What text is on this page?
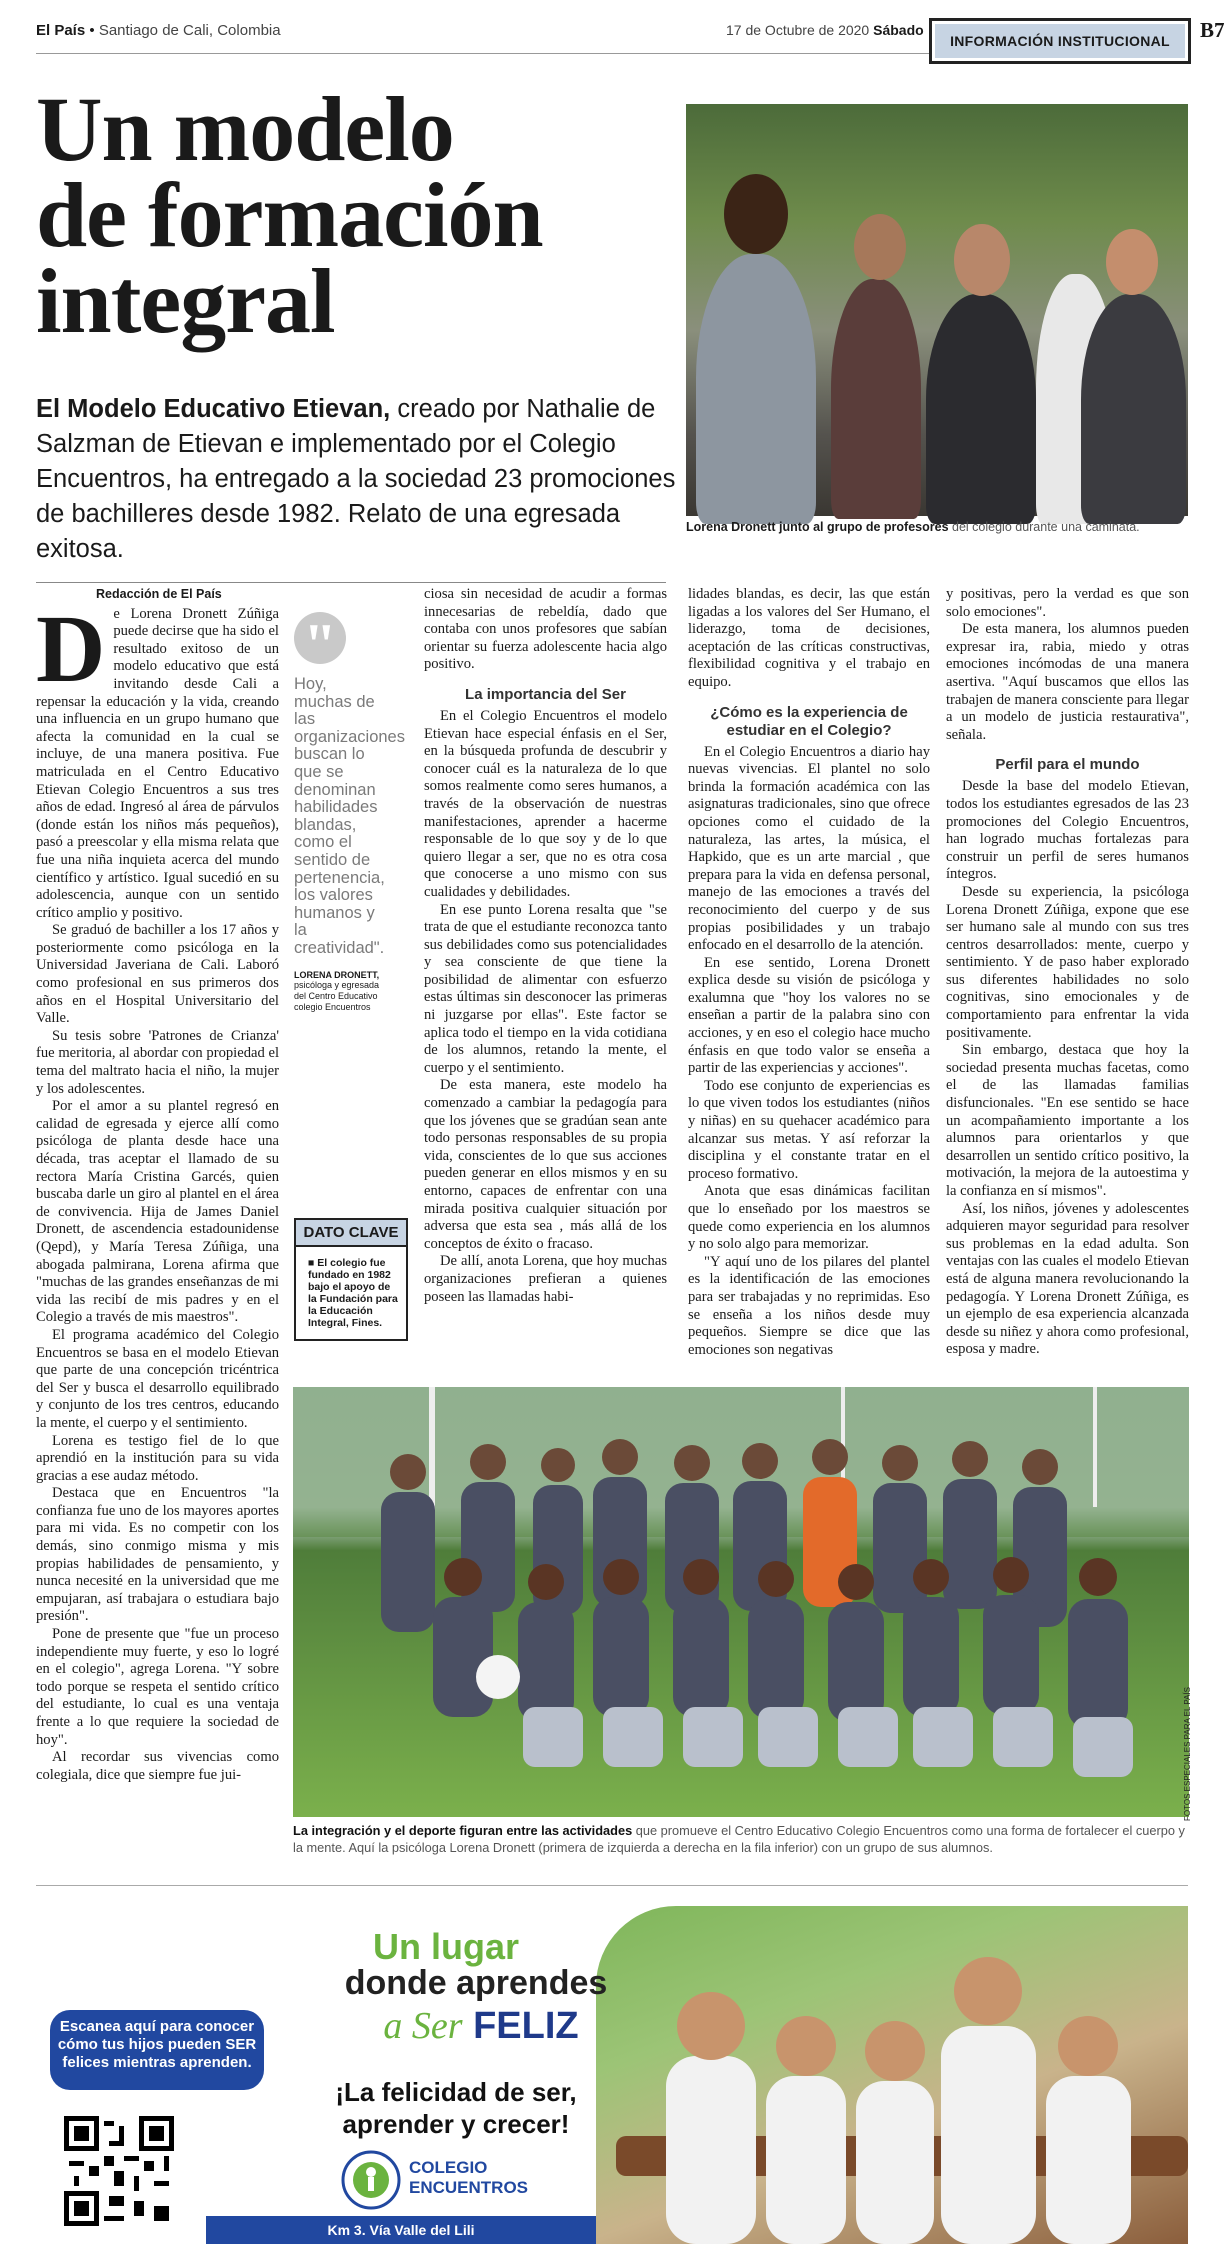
El País • Santiago de Cali, Colombia	17 de Octubre de 2020 Sábado
INFORMACIÓN INSTITUCIONAL	B7
Un modelo
de formación
integral
El Modelo Educativo Etievan, creado por Nathalie de Salzman de Etievan e implementado por el Colegio Encuentros, ha entregado a la sociedad 23 promociones de bachilleres desde 1982. Relato de una egresada exitosa.
Lorena Dronett junto al grupo de profesores del colegio durante una caminata.
Redacción de El País
D e Lorena Dronett Zúñiga puede decirse que ha sido el resultado exitoso de un modelo educativo que está invitando desde Cali a repensar la educación y la vida, creando una influencia en un grupo humano que afecta la comunidad en la cual se incluye, de una manera positiva. Fue matriculada en el Centro Educativo Etievan Colegio Encuentros a sus tres años de edad. Ingresó al área de párvulos (donde están los niños más pequeños), pasó a preescolar y ella misma relata que fue una niña inquieta acerca del mundo científico y artístico. Igual sucedió en su adolescencia, aunque con un sentido crítico amplio y positivo.

Se graduó de bachiller a los 17 años y posteriormente como psicóloga en la Universidad Javeriana de Cali. Laboró como profesional en sus primeros dos años en el Hospital Universitario del Valle.

Su tesis sobre 'Patrones de Crianza' fue meritoria, al abordar con propiedad el tema del maltrato hacia el niño, la mujer y los adolescentes.

Por el amor a su plantel regresó en calidad de egresada y ejerce allí como psicóloga de planta desde hace una década, tras aceptar el llamado de su rectora María Cristina Garcés, quien buscaba darle un giro al plantel en el área de convivencia. Hija de James Daniel Dronett, de ascendencia estadounidense (Qepd), y María Teresa Zúñiga, una abogada palmirana, Lorena afirma que "muchas de las grandes enseñanzas de mi vida las recibí de mis padres y en el Colegio a través de mis maestros".

El programa académico del Colegio Encuentros se basa en el modelo Etievan que parte de una concepción tricéntrica del Ser y busca el desarrollo equilibrado y conjunto de los tres centros, educando la mente, el cuerpo y el sentimiento.

Lorena es testigo fiel de lo que aprendió en la institución para su vida gracias a ese audaz método.

Destaca que en Encuentros "la confianza fue uno de los mayores aportes para mi vida. Es no competir con los demás, sino conmigo misma y mis propias habilidades de pensamiento, y nunca necesité en la universidad que me empujaran, así trabajara o estudiara bajo presión".

Pone de presente que "fue un proceso independiente muy fuerte, y eso lo logré en el colegio", agrega Lorena. "Y sobre todo porque se respeta el sentido crítico del estudiante, lo cual es una ventaja frente a lo que requiere la sociedad de hoy".

Al recordar sus vivencias como colegiala, dice que siempre fue jui-

"
Hoy, muchas de las organizaciones buscan lo que se denominan habilidades blandas, como el sentido de pertenencia, los valores humanos y la creatividad".
LORENA DRONETT,
psicóloga y egresada del Centro Educativo colegio Encuentros
DATO CLAVE
■ El colegio fue fundado en 1982 bajo el apoyo de la Fundación para la Educación Integral, Fines.

ciosa sin necesidad de acudir a formas innecesarias de rebeldía, dado que contaba con unos profesores que sabían orientar su fuerza adolescente hacia algo positivo.

La importancia del Ser

En el Colegio Encuentros el modelo Etievan hace especial énfasis en el Ser, en la búsqueda profunda de descubrir y conocer cuál es la naturaleza de lo que somos realmente como seres humanos, a través de la observación de nuestras manifestaciones, aprender a hacerme responsable de lo que soy y de lo que quiero llegar a ser, que no es otra cosa que conocerse a uno mismo con sus cualidades y debilidades.

En ese punto Lorena resalta que "se trata de que el estudiante reconozca tanto sus debilidades como sus potencialidades y sea consciente de que tiene la posibilidad de alimentar con esfuerzo estas últimas sin desconocer las primeras ni juzgarse por ellas". Este factor se aplica todo el tiempo en la vida cotidiana de los alumnos, retando la mente, el cuerpo y el sentimiento.

De esta manera, este modelo ha comenzado a cambiar la pedagogía para que los jóvenes que se gradúan sean ante todo personas responsables de su propia vida, conscientes de lo que sus acciones pueden generar en ellos mismos y en su entorno, capaces de enfrentar con una mirada positiva cualquier situación por adversa que esta sea , más allá de los conceptos de éxito o fracaso.

De allí, anota Lorena, que hoy muchas organizaciones prefieran a quienes poseen las llamadas habi-

lidades blandas, es decir, las que están ligadas a los valores del Ser Humano, el liderazgo, toma de decisiones, aceptación de las críticas constructivas, flexibilidad cognitiva y el trabajo en equipo.

¿Cómo es la experiencia de estudiar en el Colegio?

En el Colegio Encuentros a diario hay nuevas vivencias. El plantel no solo brinda la formación académica con las asignaturas tradicionales, sino que ofrece opciones como el cuidado de la naturaleza, las artes, la música, el Hapkido, que es un arte marcial , que prepara para la vida en defensa personal, manejo de las emociones a través del reconocimiento del cuerpo y de sus propias posibilidades y un trabajo enfocado en el desarrollo de la atención.

En ese sentido, Lorena Dronett explica desde su visión de psicóloga y exalumna que "hoy los valores no se enseñan a partir de la palabra sino con acciones, y en eso el colegio hace mucho énfasis en que todo valor se enseña a partir de las experiencias y acciones".

Todo ese conjunto de experiencias es lo que viven todos los estudiantes (niños y niñas) en su quehacer académico para alcanzar sus metas. Y así reforzar la disciplina y el constante tratar en el proceso formativo.

Anota que esas dinámicas facilitan que lo enseñado por los maestros se quede como experiencia en los alumnos y no solo algo para memorizar.

"Y aquí uno de los pilares del plantel es la identificación de las emociones para ser trabajadas y no reprimidas. Eso se enseña a los niños desde muy pequeños. Siempre se dice que las emociones son negativas

y positivas, pero la verdad es que son solo emociones".

De esta manera, los alumnos pueden expresar ira, rabia, miedo y otras emociones incómodas de una manera asertiva. "Aquí buscamos que ellos las trabajen de manera consciente para llegar a un modelo de justicia restaurativa", señala.

Perfil para el mundo

Desde la base del modelo Etievan, todos los estudiantes egresados de las 23 promociones del Colegio Encuentros, han logrado muchas fortalezas para construir un perfil de seres humanos íntegros.

Desde su experiencia, la psicóloga Lorena Dronett Zúñiga, expone que ese ser humano sale al mundo con sus tres centros desarrollados: mente, cuerpo y sentimiento. Y de paso haber explorado sus diferentes habilidades no solo cognitivas, sino emocionales y de comportamiento para enfrentar la vida positivamente.

Sin embargo, destaca que hoy la sociedad presenta muchas facetas, como el de las llamadas familias disfuncionales. "En ese sentido se hace un acompañamiento importante a los alumnos para orientarlos y que desarrollen un sentido crítico positivo, la motivación, la mejora de la autoestima y la confianza en sí mismos".

Así, los niños, jóvenes y adolescentes adquieren mayor seguridad para resolver sus problemas en la edad adulta. Son ventajas con las cuales el modelo Etievan está de alguna manera revolucionando la pedagogía. Y Lorena Dronett Zúñiga, es un ejemplo de esa experiencia alcanzada desde su niñez y ahora como profesional, esposa y madre.

FOTOS ESPECIALES PARA EL PAÍS
La integración y el deporte figuran entre las actividades que promueve el Centro Educativo Colegio Encuentros como una forma de fortalecer el cuerpo y la mente. Aquí la psicóloga Lorena Dronett (primera de izquierda a derecha en la fila inferior) con un grupo de sus alumnos.
Un lugar
donde aprendes
a Ser FELIZ
¡La felicidad de ser, aprender y crecer!
COLEGIO
ENCUENTROS
Escanea aquí para conocer cómo tus hijos pueden SER felices mientras aprenden.
Km 3. Vía Valle del Lili
